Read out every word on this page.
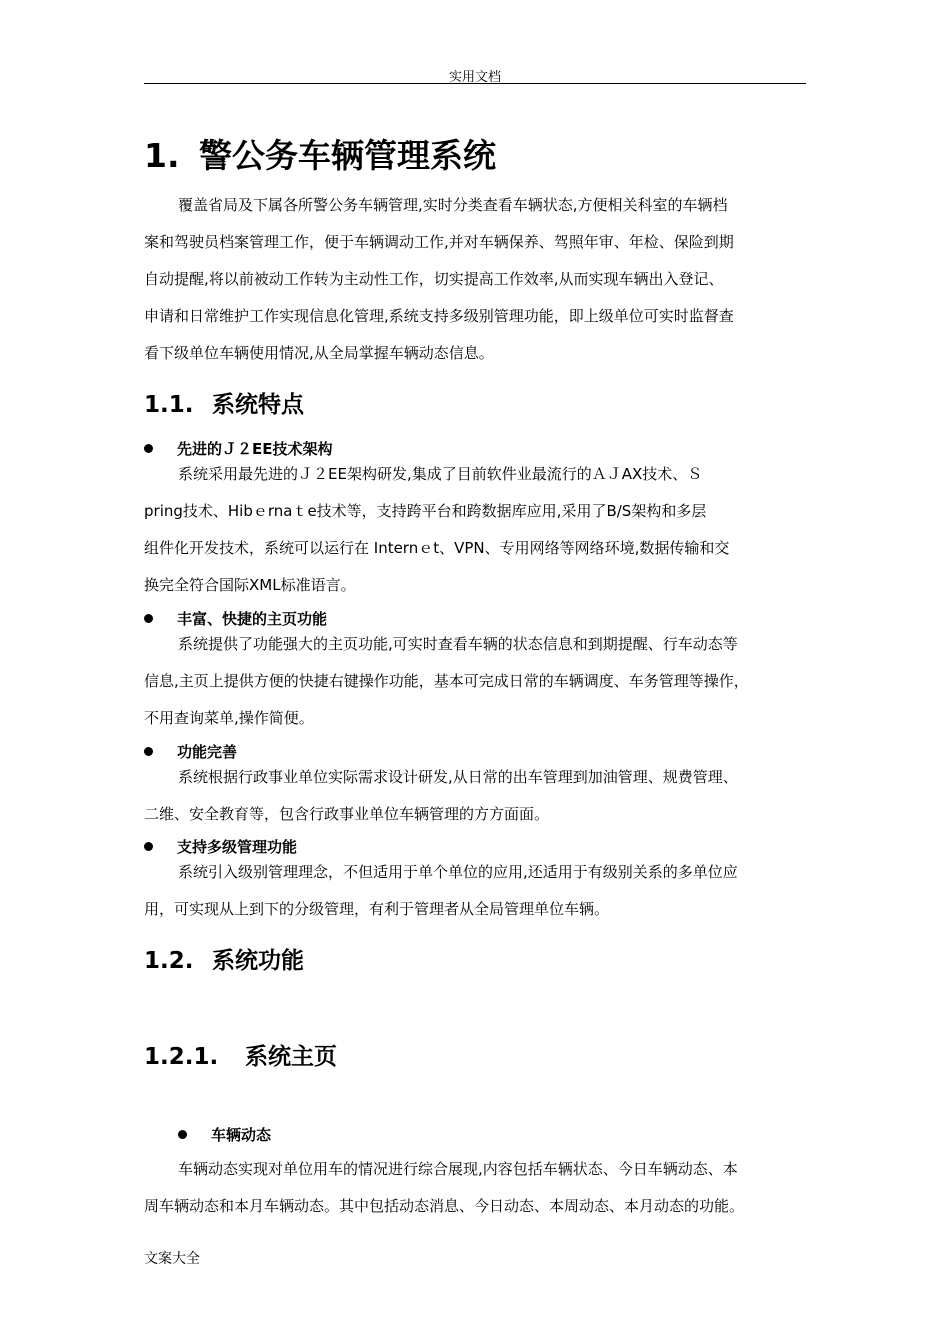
实用文档
1. 警公务车辆管理系统
覆盖省局及下属各所警公务车辆管理,实时分类查看车辆状态,方便相关科室的车辆档
案和驾驶员档案管理工作，便于车辆调动工作,并对车辆保养、驾照年审、年检、保险到期
自动提醒,将以前被动工作转为主动性工作，切实提高工作效率,从而实现车辆出入登记、
申请和日常维护工作实现信息化管理,系统支持多级别管理功能，即上级单位可实时监督查
看下级单位车辆使用情况,从全局掌握车辆动态信息。
1.1. 系统特点
先进的Ｊ２EE技术架构
系统采用最先进的Ｊ２EE架构研发,集成了目前软件业最流行的ＡＪAX技术、Ｓ
pring技术、Hibｅrnaｔe技术等，支持跨平台和跨数据库应用,采用了B/S架构和多层
组件化开发技术，系统可以运行在 Internｅt、VPN、专用网络等网络环境,数据传输和交
换完全符合国际XML标准语言。
丰富、快捷的主页功能
系统提供了功能强大的主页功能,可实时查看车辆的状态信息和到期提醒、行车动态等
信息,主页上提供方便的快捷右键操作功能，基本可完成日常的车辆调度、车务管理等操作，
不用查询菜单,操作简便。
功能完善
系统根据行政事业单位实际需求设计研发,从日常的出车管理到加油管理、规费管理、
二维、安全教育等，包含行政事业单位车辆管理的方方面面。
支持多级管理功能
系统引入级别管理理念，不但适用于单个单位的应用,还适用于有级别关系的多单位应
用，可实现从上到下的分级管理，有利于管理者从全局管理单位车辆。
1.2. 系统功能
1.2.1. 系统主页
车辆动态
车辆动态实现对单位用车的情况进行综合展现,内容包括车辆状态、今日车辆动态、本
周车辆动态和本月车辆动态。其中包括动态消息、今日动态、本周动态、本月动态的功能。
文案大全
